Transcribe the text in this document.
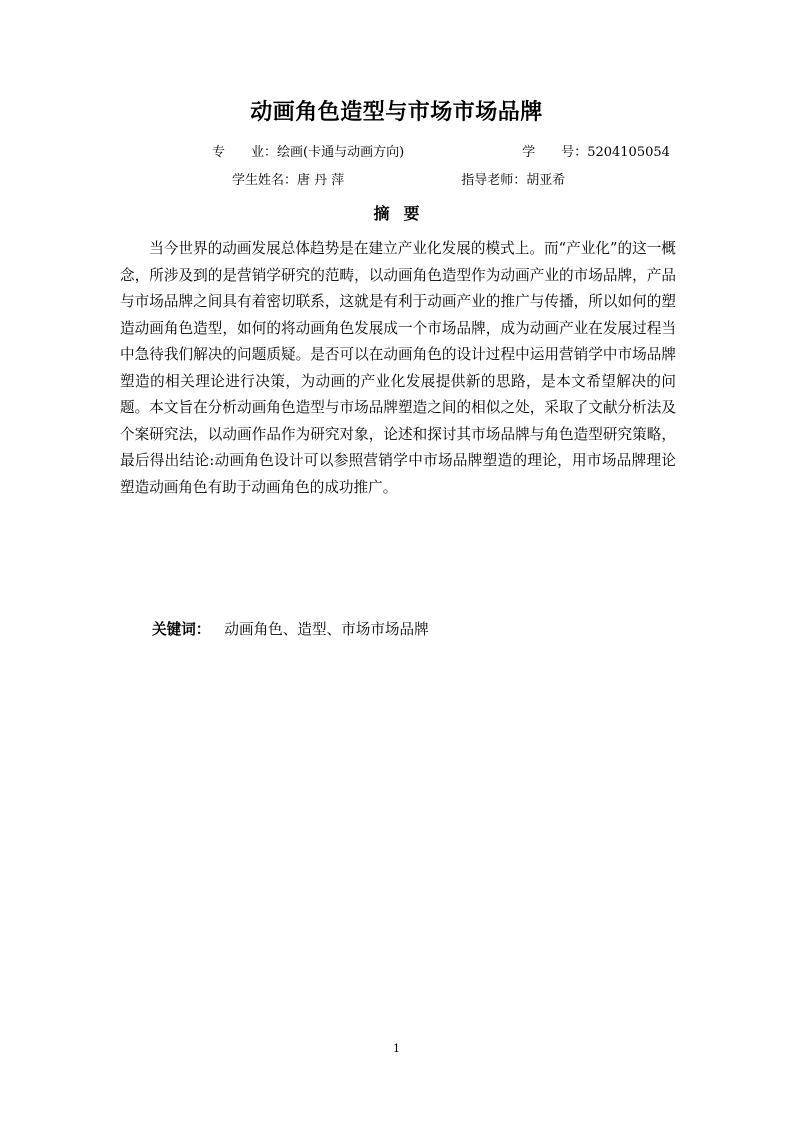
动画角色造型与市场市场品牌
专　　业：绘画(卡通与动画方向)	学　　号：5204105054
学生姓名：唐 丹 萍	指导老师：胡亚希
摘要
当今世界的动画发展总体趋势是在建立产业化发展的模式上。而“产业化”的这一概念，所涉及到的是营销学研究的范畴，以动画角色造型作为动画产业的市场品牌，产品与市场品牌之间具有着密切联系，这就是有利于动画产业的推广与传播，所以如何的塑造动画角色造型，如何的将动画角色发展成一个市场品牌，成为动画产业在发展过程当中急待我们解决的问题质疑。是否可以在动画角色的设计过程中运用营销学中市场品牌塑造的相关理论进行决策，为动画的产业化发展提供新的思路，是本文希望解决的问题。本文旨在分析动画角色造型与市场品牌塑造之间的相似之处，采取了文献分析法及个案研究法，以动画作品作为研究对象，论述和探讨其市场品牌与角色造型研究策略，最后得出结论:动画角色设计可以参照营销学中市场品牌塑造的理论，用市场品牌理论塑造动画角色有助于动画角色的成功推广。
关键词： 动画角色、造型、市场市场品牌
1
